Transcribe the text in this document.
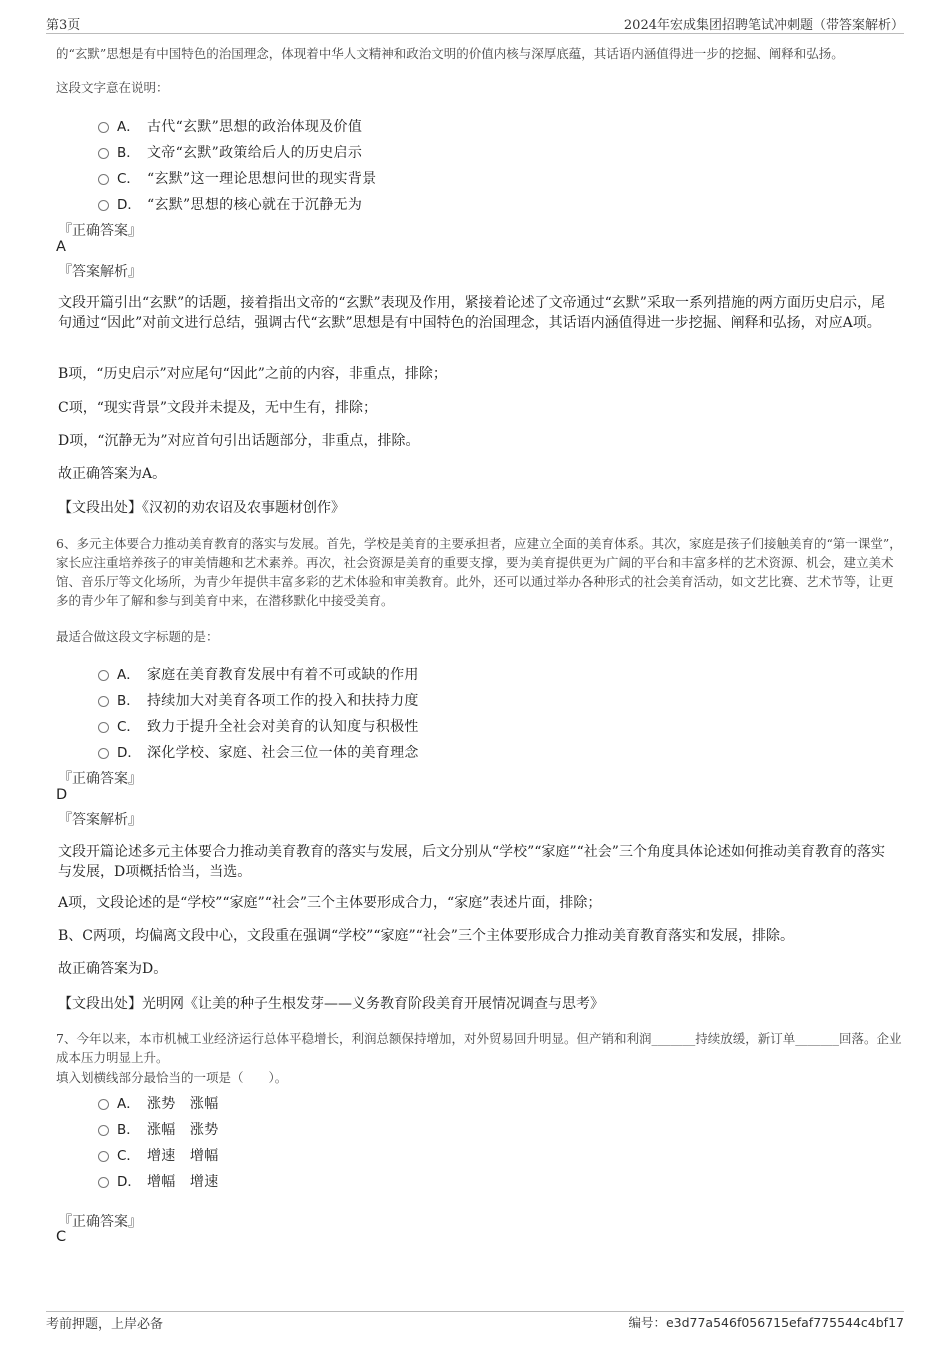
第3页	2024年宏成集团招聘笔试冲刺题（带答案解析）
的“玄默”思想是有中国特色的治国理念，体现着中华人文精神和政治文明的价值内核与深厚底蕴，其话语内涵值得进一步的挖掘、阐释和弘扬。
这段文字意在说明：
A． 古代“玄默”思想的政治体现及价值
B． 文帝“玄默”政策给后人的历史启示
C． “玄默”这一理论思想问世的现实背景
D． “玄默”思想的核心就在于沉静无为
『正确答案』
A
『答案解析』
文段开篇引出“玄默”的话题，接着指出文帝的“玄默”表现及作用，紧接着论述了文帝通过“玄默”采取一系列措施的两方面历史启示，尾句通过“因此”对前文进行总结，强调古代“玄默”思想是有中国特色的治国理念，其话语内涵值得进一步挖掘、阐释和弘扬，对应A项。
B项，“历史启示”对应尾句“因此”之前的内容，非重点，排除；
C项，“现实背景”文段并未提及，无中生有，排除；
D项，“沉静无为”对应首句引出话题部分，非重点，排除。
故正确答案为A。
【文段出处】《汉初的劝农诏及农事题材创作》
6、多元主体要合力推动美育教育的落实与发展。首先，学校是美育的主要承担者，应建立全面的美育体系。其次，家庭是孩子们接触美育的“第一课堂”，家长应注重培养孩子的审美情趣和艺术素养。再次，社会资源是美育的重要支撑，要为美育提供更为广阔的平台和丰富多样的艺术资源、机会，建立美术馆、音乐厅等文化场所，为青少年提供丰富多彩的艺术体验和审美教育。此外，还可以通过举办各种形式的社会美育活动，如文艺比赛、艺术节等，让更多的青少年了解和参与到美育中来，在潜移默化中接受美育。
最适合做这段文字标题的是：
A． 家庭在美育教育发展中有着不可或缺的作用
B． 持续加大对美育各项工作的投入和扶持力度
C． 致力于提升全社会对美育的认知度与积极性
D． 深化学校、家庭、社会三位一体的美育理念
『正确答案』
D
『答案解析』
文段开篇论述多元主体要合力推动美育教育的落实与发展，后文分别从“学校”“家庭”“社会”三个角度具体论述如何推动美育教育的落实与发展，D项概括恰当，当选。
A项，文段论述的是“学校”“家庭”“社会”三个主体要形成合力，“家庭”表述片面，排除；
B、C两项，均偏离文段中心，文段重在强调“学校”“家庭”“社会”三个主体要形成合力推动美育教育落实和发展，排除。
故正确答案为D。
【文段出处】光明网《让美的种子生根发芽——义务教育阶段美育开展情况调查与思考》
7、今年以来，本市机械工业经济运行总体平稳增长，利润总额保持增加，对外贸易回升明显。但产销和利润_______持续放缓，新订单_______回落。企业成本压力明显上升。
填入划横线部分最恰当的一项是（　　）。
A． 涨势　涨幅
B． 涨幅　涨势
C． 增速　增幅
D． 增幅　增速
『正确答案』
C
考前押题，上岸必备	编号：e3d77a546f056715efaf775544c4bf17
